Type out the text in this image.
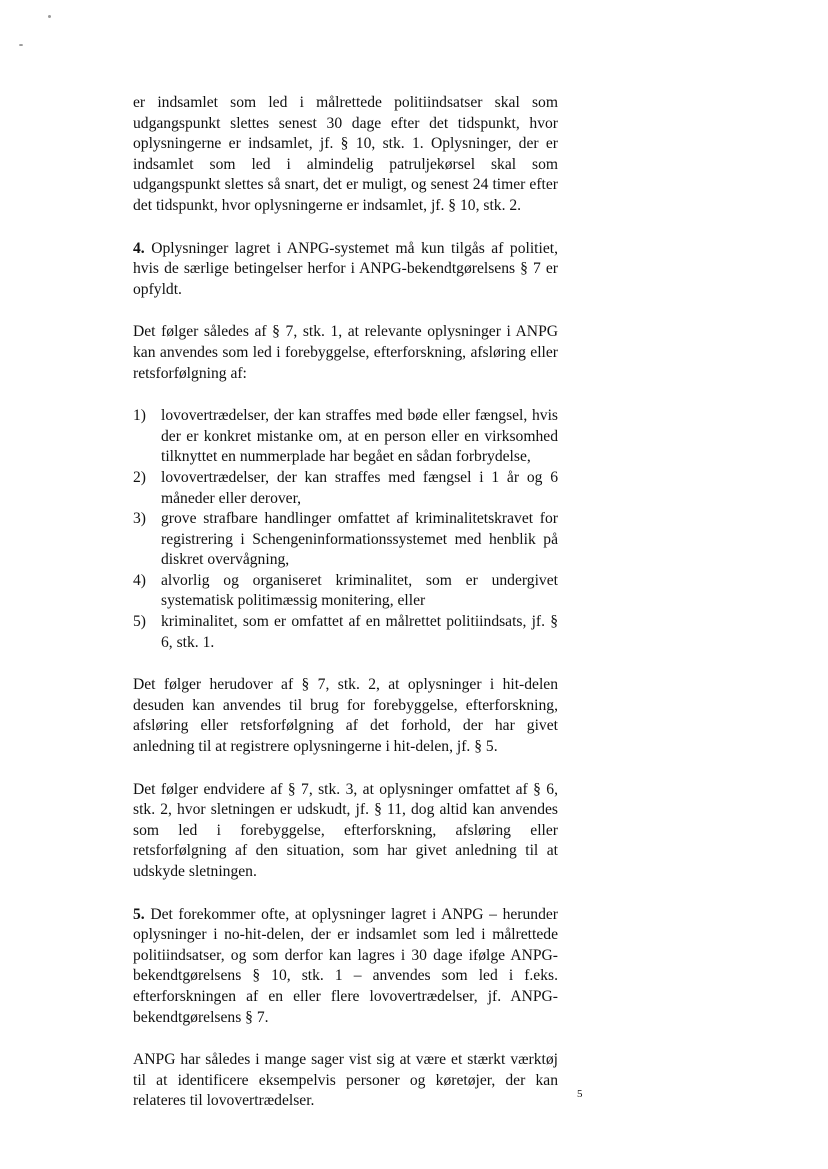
er indsamlet som led i målrettede politiindsatser skal som udgangspunkt slettes senest 30 dage efter det tidspunkt, hvor oplysningerne er indsamlet, jf. § 10, stk. 1. Oplysninger, der er indsamlet som led i almindelig patruljekørsel skal som udgangspunkt slettes så snart, det er muligt, og senest 24 timer efter det tidspunkt, hvor oplysningerne er indsamlet, jf. § 10, stk. 2.

4. Oplysninger lagret i ANPG-systemet må kun tilgås af politiet, hvis de særlige betingelser herfor i ANPG-bekendtgørelsens § 7 er opfyldt.

Det følger således af § 7, stk. 1, at relevante oplysninger i ANPG kan anvendes som led i forebyggelse, efterforskning, afsløring eller retsforfølgning af:

1) lovovertrædelser, der kan straffes med bøde eller fængsel, hvis der er konkret mistanke om, at en person eller en virksomhed tilknyttet en nummerplade har begået en sådan forbrydelse,
2) lovovertrædelser, der kan straffes med fængsel i 1 år og 6 måneder eller derover,
3) grove strafbare handlinger omfattet af kriminalitetskravet for registrering i Schengeninformationssystemet med henblik på diskret overvågning,
4) alvorlig og organiseret kriminalitet, som er undergivet systematisk politimæssig monitering, eller
5) kriminalitet, som er omfattet af en målrettet politiindsats, jf. § 6, stk. 1.

Det følger herudover af § 7, stk. 2, at oplysninger i hit-delen desuden kan anvendes til brug for forebyggelse, efterforskning, afsløring eller retsforfølgning af det forhold, der har givet anledning til at registrere oplysningerne i hit-delen, jf. § 5.

Det følger endvidere af § 7, stk. 3, at oplysninger omfattet af § 6, stk. 2, hvor sletningen er udskudt, jf. § 11, dog altid kan anvendes som led i forebyggelse, efterforskning, afsløring eller retsforfølgning af den situation, som har givet anledning til at udskyde sletningen.

5. Det forekommer ofte, at oplysninger lagret i ANPG – herunder oplysninger i no-hit-delen, der er indsamlet som led i målrettede politiindsatser, og som derfor kan lagres i 30 dage ifølge ANPG-bekendtgørelsens § 10, stk. 1 – anvendes som led i f.eks. efterforskningen af en eller flere lovovertrædelser, jf. ANPG-bekendtgørelsens § 7.

ANPG har således i mange sager vist sig at være et stærkt værktøj til at identificere eksempelvis personer og køretøjer, der kan relateres til lovovertrædelser.	5
